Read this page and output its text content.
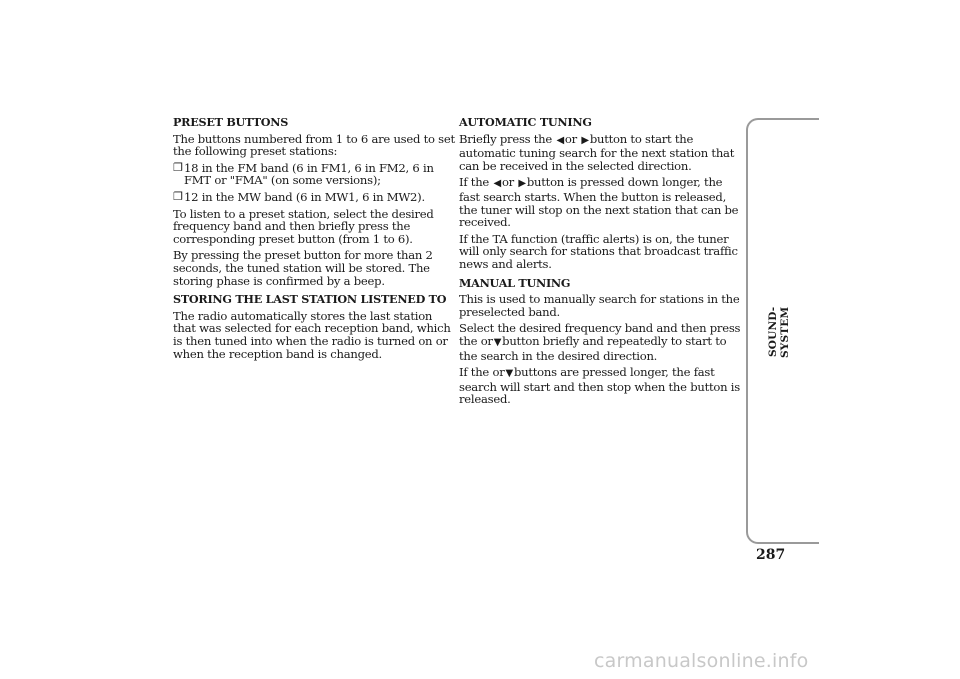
PRESET BUTTONS
The buttons numbered from 1 to 6 are used to set the following preset stations:
❐ 18 in the FM band (6 in FM1, 6 in FM2, 6 in FMT or "FMA" (on some versions);
❐ 12 in the MW band (6 in MW1, 6 in MW2).
To listen to a preset station, select the desired frequency band and then briefly press the corresponding preset button (from 1 to 6).
By pressing the preset button for more than 2 seconds, the tuned station will be stored. The storing phase is confirmed by a beep.
STORING THE LAST STATION LISTENED TO
The radio automatically stores the last station that was selected for each reception band, which is then tuned into when the radio is turned on or when the reception band is changed.
AUTOMATIC TUNING
Briefly press the ◀or ▶button to start the automatic tuning search for the next station that can be received in the selected direction.
If the ◀or ▶button is pressed down longer, the fast search starts. When the button is released, the tuner will stop on the next station that can be received.
If the TA function (traffic alerts) is on, the tuner will only search for stations that broadcast traffic news and alerts.
MANUAL TUNING
This is used to manually search for stations in the preselected band.
Select the desired frequency band and then press the or▼button briefly and repeatedly to start to the search in the desired direction.
If the or▼buttons are pressed longer, the fast search will start and then stop when the button is released.
SOUND-SYSTEM
287
carmanualsonline.info
